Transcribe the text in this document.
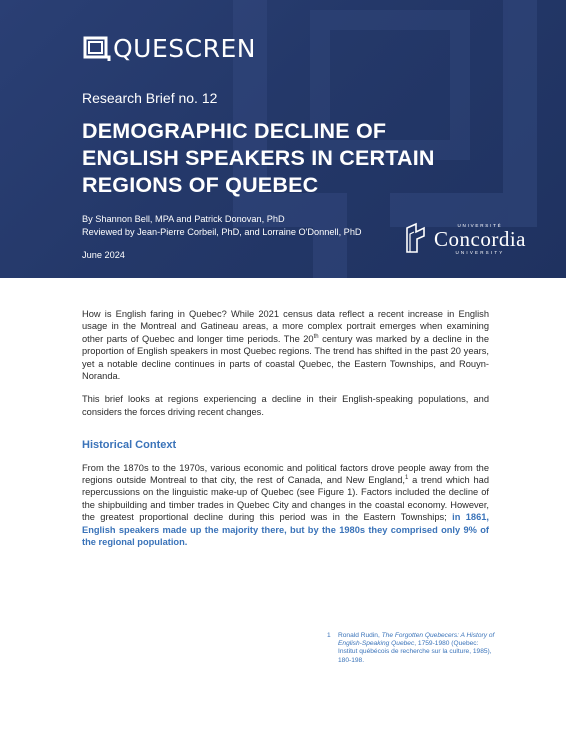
QUESCREN
Research Brief no. 12
DEMOGRAPHIC DECLINE OF
ENGLISH SPEAKERS IN CERTAIN
REGIONS OF QUEBEC
By Shannon Bell, MPA and Patrick Donovan, PhD
Reviewed by Jean-Pierre Corbeil, PhD, and Lorraine O'Donnell, PhD
June 2024
UNIVERSITÉ
Concordia
UNIVERSITY

How is English faring in Quebec? While 2021 census data reflect a recent increase in English usage in the Montreal and Gatineau areas, a more complex portrait emerges when examining other parts of Quebec and longer time periods. The 20th century was marked by a decline in the proportion of English speakers in most Quebec regions. The trend has shifted in the past 20 years, yet a notable decline continues in parts of coastal Quebec, the Eastern Townships, and Rouyn-Noranda.

This brief looks at regions experiencing a decline in their English-speaking populations, and considers the forces driving recent changes.

Historical Context

From the 1870s to the 1970s, various economic and political factors drove people away from the regions outside Montreal to that city, the rest of Canada, and New England,$^1$ a trend which had repercussions on the linguistic make-up of Quebec (see Figure 1). Factors included the decline of the shipbuilding and timber trades in Quebec City and changes in the coastal economy. However, the greatest proportional decline during this period was in the Eastern Townships; in 1861, English speakers made up the majority there, but by the 1980s they comprised only 9% of the regional population.

1 Ronald Rudin, The Forgotten Quebecers: A History of English-Speaking Quebec, 1759-1980 (Quebec: Institut québécois de recherche sur la culture, 1985), 180-198.
